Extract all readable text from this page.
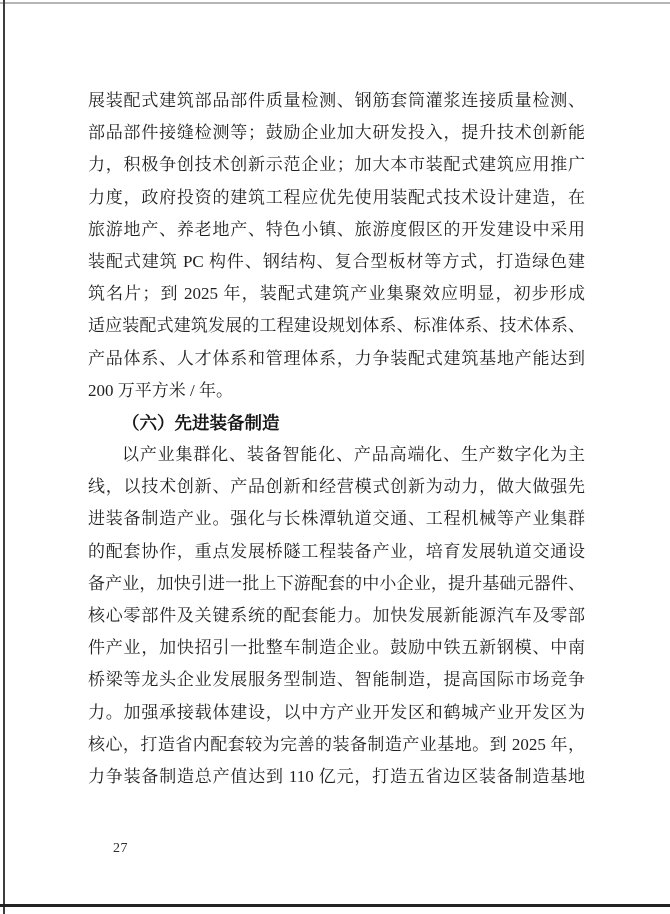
展装配式建筑部品部件质量检测、钢筋套筒灌浆连接质量检测、
部品部件接缝检测等；鼓励企业加大研发投入，提升技术创新能
力，积极争创技术创新示范企业；加大本市装配式建筑应用推广
力度，政府投资的建筑工程应优先使用装配式技术设计建造，在
旅游地产、养老地产、特色小镇、旅游度假区的开发建设中采用
装配式建筑 PC 构件、钢结构、复合型板材等方式，打造绿色建
筑名片；到 2025 年，装配式建筑产业集聚效应明显，初步形成
适应装配式建筑发展的工程建设规划体系、标准体系、技术体系、
产品体系、人才体系和管理体系，力争装配式建筑基地产能达到
200 万平方米 / 年。
（六）先进装备制造
以产业集群化、装备智能化、产品高端化、生产数字化为主
线，以技术创新、产品创新和经营模式创新为动力，做大做强先
进装备制造产业。强化与长株潭轨道交通、工程机械等产业集群
的配套协作，重点发展桥隧工程装备产业，培育发展轨道交通设
备产业，加快引进一批上下游配套的中小企业，提升基础元器件、
核心零部件及关键系统的配套能力。加快发展新能源汽车及零部
件产业，加快招引一批整车制造企业。鼓励中铁五新钢模、中南
桥梁等龙头企业发展服务型制造、智能制造，提高国际市场竞争
力。加强承接载体建设，以中方产业开发区和鹤城产业开发区为
核心，打造省内配套较为完善的装备制造产业基地。到 2025 年，
力争装备制造总产值达到 110 亿元，打造五省边区装备制造基地
27
